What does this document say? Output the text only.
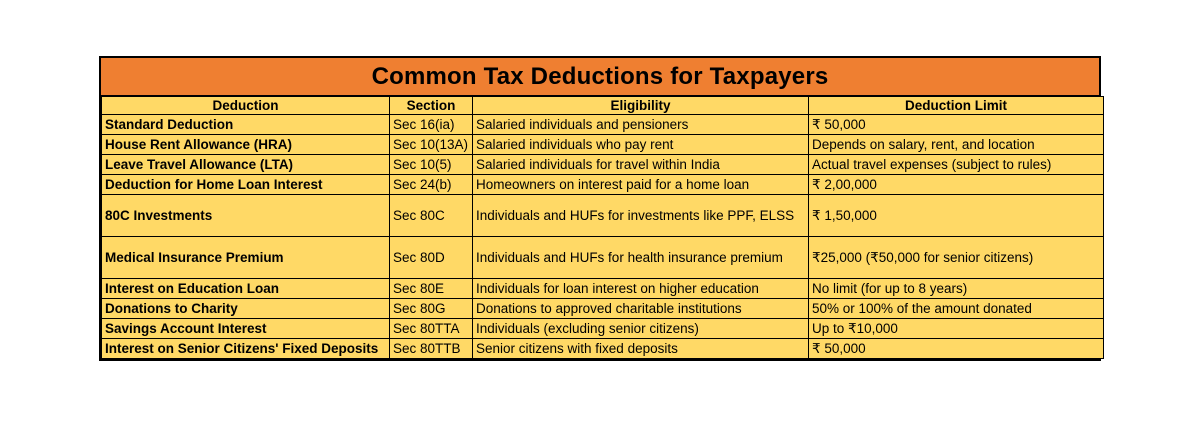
Common Tax Deductions for Taxpayers
Deduction	Section	Eligibility	Deduction Limit
Standard Deduction	Sec 16(ia)	Salaried individuals and pensioners	₹ 50,000
House Rent Allowance (HRA)	Sec 10(13A)	Salaried individuals who pay rent	Depends on salary, rent, and location
Leave Travel Allowance (LTA)	Sec 10(5)	Salaried individuals for travel within India	Actual travel expenses (subject to rules)
Deduction for Home Loan Interest	Sec 24(b)	Homeowners on interest paid for a home loan	₹ 2,00,000
80C Investments	Sec 80C	Individuals and HUFs for investments like PPF, ELSS	₹ 1,50,000
Medical Insurance Premium	Sec 80D	Individuals and HUFs for health insurance premium	₹25,000 (₹50,000 for senior citizens)
Interest on Education Loan	Sec 80E	Individuals for loan interest on higher education	No limit (for up to 8 years)
Donations to Charity	Sec 80G	Donations to approved charitable institutions	50% or 100% of the amount donated
Savings Account Interest	Sec 80TTA	Individuals (excluding senior citizens)	Up to ₹10,000
Interest on Senior Citizens' Fixed Deposits	Sec 80TTB	Senior citizens with fixed deposits	₹ 50,000
